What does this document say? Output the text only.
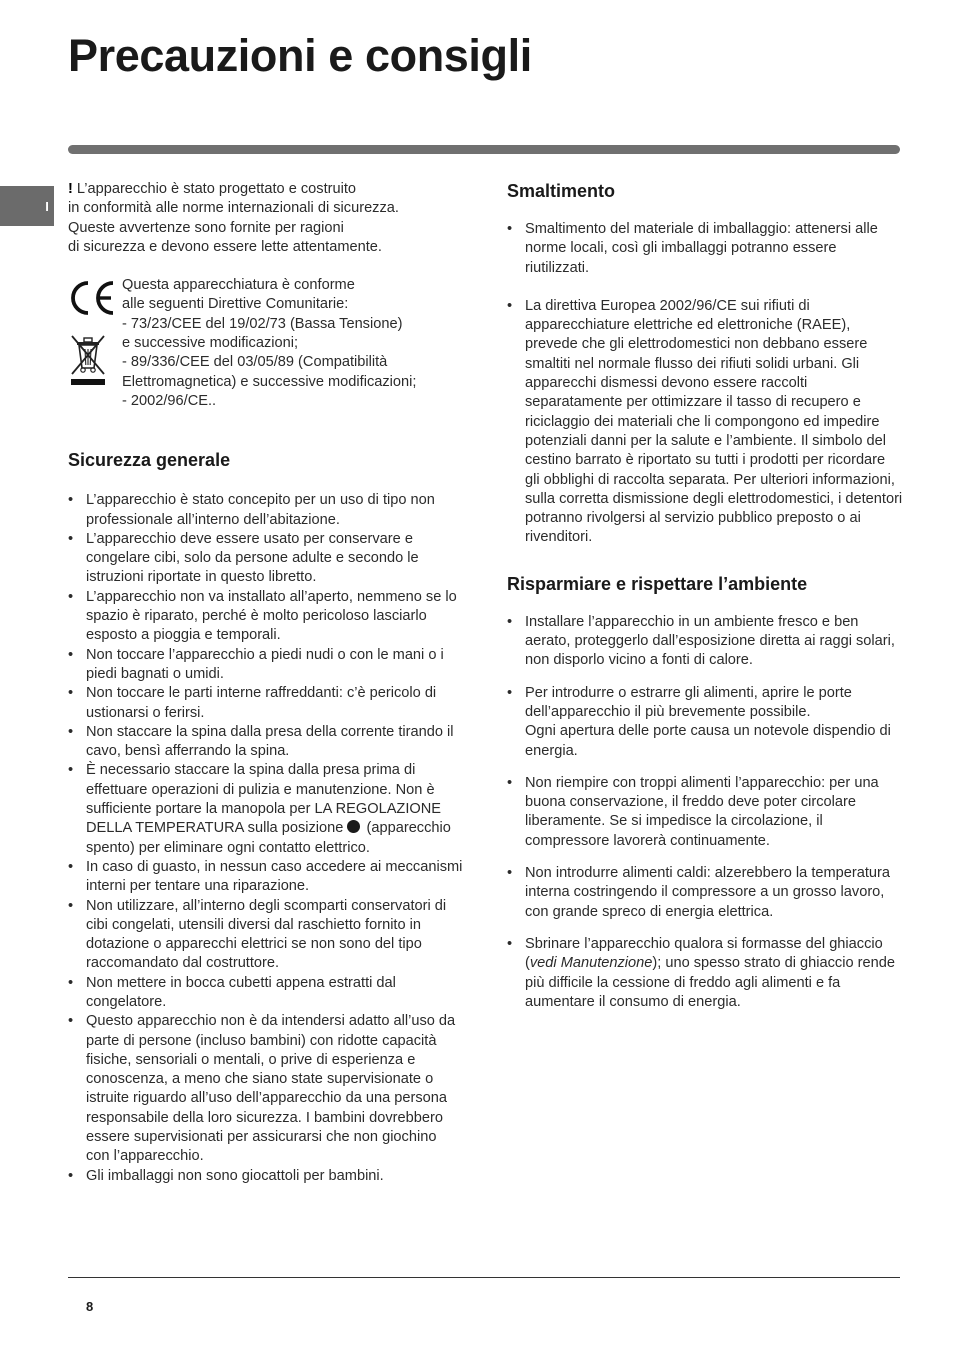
Precauzioni e consigli
I

! L’apparecchio è stato progettato e costruito
in conformità alle norme internazionali di sicurezza.
Queste avvertenze sono fornite per ragioni
di sicurezza e devono essere lette attentamente.

Questa apparecchiatura è conforme
alle seguenti Direttive Comunitarie:
- 73/23/CEE del 19/02/73 (Bassa Tensione)
e successive modificazioni;
- 89/336/CEE del 03/05/89 (Compatibilità
Elettromagnetica) e successive modificazioni;
- 2002/96/CE..
Sicurezza generale
• L’apparecchio è stato concepito per un uso di tipo non professionale all’interno dell’abitazione.
• L’apparecchio deve essere usato per conservare e congelare cibi, solo da persone adulte e secondo le istruzioni riportate in questo libretto.
• L’apparecchio non va installato all’aperto, nemmeno se lo spazio è riparato, perché è molto pericoloso lasciarlo esposto a pioggia e temporali.
• Non toccare l’apparecchio a piedi nudi o con le mani o i piedi bagnati o umidi.
• Non toccare le parti interne raffreddanti: c’è pericolo di ustionarsi o ferirsi.
• Non staccare la spina dalla presa della corrente tirando il cavo, bensì afferrando la spina.
• È necessario staccare la spina dalla presa prima di effettuare operazioni di pulizia e manutenzione. Non è sufficiente portare la manopola per LA REGOLAZIONE DELLA TEMPERATURA sulla posizione  (apparecchio spento) per eliminare ogni contatto elettrico.
• In caso di guasto, in nessun caso accedere ai meccanismi interni per tentare una riparazione.
• Non utilizzare, all’interno degli scomparti conservatori di cibi congelati, utensili diversi dal raschietto fornito in dotazione o apparecchi elettrici se non sono del tipo raccomandato dal costruttore.
• Non mettere in bocca cubetti appena estratti dal congelatore.
• Questo apparecchio non è da intendersi adatto all’uso da parte di persone (incluso bambini) con ridotte capacità fisiche, sensoriali o mentali, o prive di esperienza e conoscenza, a meno che siano state supervisionate o istruite riguardo all’uso dell’apparecchio da una persona responsabile della loro sicurezza. I bambini dovrebbero essere supervisionati per assicurarsi che non giochino con l’apparecchio.
• Gli imballaggi non sono giocattoli per bambini.
Smaltimento
• Smaltimento del materiale di imballaggio: attenersi alle norme locali, così gli imballaggi potranno essere riutilizzati.
• La direttiva Europea 2002/96/CE sui rifiuti di apparecchiature elettriche ed elettroniche (RAEE), prevede che gli elettrodomestici non debbano essere smaltiti nel normale flusso dei rifiuti solidi urbani. Gli apparecchi dismessi devono essere raccolti separatamente per ottimizzare il tasso di recupero e riciclaggio dei materiali che li compongono ed impedire potenziali danni per la salute e l’ambiente. Il simbolo del cestino barrato è riportato su tutti i prodotti per ricordare gli obblighi di raccolta separata. Per ulteriori informazioni, sulla corretta dismissione degli elettrodomestici, i detentori potranno rivolgersi al servizio pubblico preposto o ai rivenditori.
Risparmiare e rispettare l’ambiente
• Installare l’apparecchio in un ambiente fresco e ben aerato, proteggerlo dall’esposizione diretta ai raggi solari, non disporlo vicino a fonti di calore.
• Per introdurre o estrarre gli alimenti, aprire le porte dell’apparecchio il più brevemente possibile.
Ogni apertura delle porte causa un notevole dispendio di energia.
• Non riempire con troppi alimenti l’apparecchio: per una buona conservazione, il freddo deve poter circolare liberamente. Se si impedisce la circolazione, il compressore lavorerà continuamente.
• Non introdurre alimenti caldi: alzerebbero la temperatura interna costringendo il compressore a un grosso lavoro, con grande spreco di energia elettrica.
• Sbrinare l’apparecchio qualora si formasse del ghiaccio (vedi Manutenzione); uno spesso strato di ghiaccio rende più difficile la cessione di freddo agli alimenti e fa aumentare il consumo di energia.
8
